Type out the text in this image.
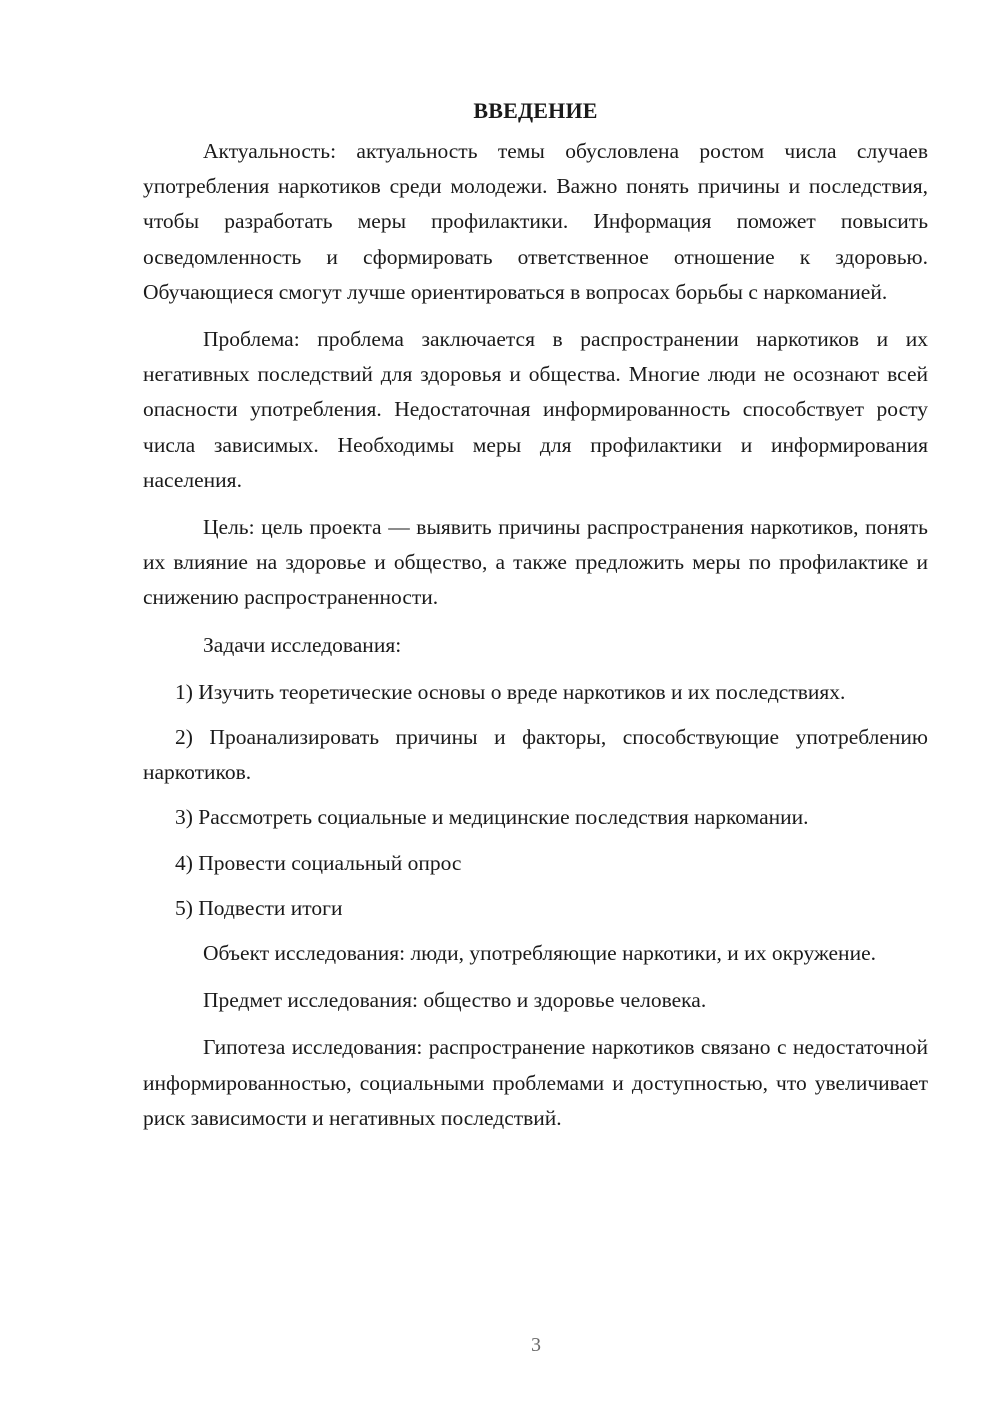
ВВЕДЕНИЕ

Актуальность: актуальность темы обусловлена ростом числа случаев употребления наркотиков среди молодежи. Важно понять причины и последствия, чтобы разработать меры профилактики. Информация поможет повысить осведомленность и сформировать ответственное отношение к здоровью. Обучающиеся смогут лучше ориентироваться в вопросах борьбы с наркоманией.

Проблема: проблема заключается в распространении наркотиков и их негативных последствий для здоровья и общества. Многие люди не осознают всей опасности употребления. Недостаточная информированность способствует росту числа зависимых. Необходимы меры для профилактики и информирования населения.

Цель: цель проекта — выявить причины распространения наркотиков, понять их влияние на здоровье и общество, а также предложить меры по профилактике и снижению распространенности.

Задачи исследования:

1) Изучить теоретические основы о вреде наркотиков и их последствиях.

2) Проанализировать причины и факторы, способствующие употреблению наркотиков.

3) Рассмотреть социальные и медицинские последствия наркомании.

4) Провести социальный опрос

5) Подвести итоги

Объект исследования: люди, употребляющие наркотики, и их окружение.

Предмет исследования: общество и здоровье человека.

Гипотеза исследования: распространение наркотиков связано с недостаточной информированностью, социальными проблемами и доступностью, что увеличивает риск зависимости и негативных последствий.

3
